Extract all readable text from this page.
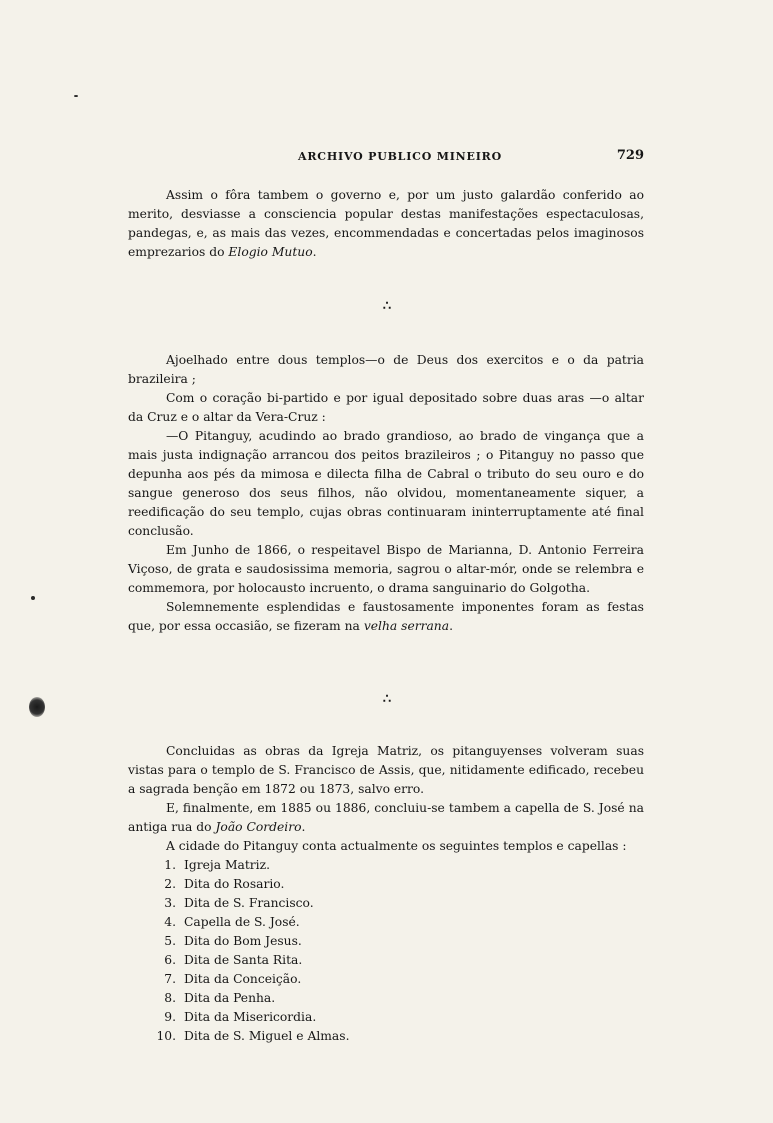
ARCHIVO PUBLICO MINEIRO	729

Assim o fôra tambem o governo e, por um justo galardão conferido ao merito, desviasse a consciencia popular destas manifestações espectaculosas, pandegas, e, as mais das vezes, encommendadas e concertadas pelos imaginosos emprezarios do Elogio Mutuo.

∴

Ajoelhado entre dous templos—o de Deus dos exercitos e o da patria brazileira ;

Com o coração bi-partido e por igual depositado sobre duas aras —o altar da Cruz e o altar da Vera-Cruz :

—O Pitanguy, acudindo ao brado grandioso, ao brado de vingança que a mais justa indignação arrancou dos peitos brazileiros ; o Pitanguy no passo que depunha aos pés da mimosa e dilecta filha de Cabral o tributo do seu ouro e do sangue generoso dos seus filhos, não olvidou, momentaneamente siquer, a reedificação do seu templo, cujas obras continuaram ininterruptamente até final conclusão.

Em Junho de 1866, o respeitavel Bispo de Marianna, D. Antonio Ferreira Viçoso, de grata e saudosissima memoria, sagrou o altar-mór, onde se relembra e commemora, por holocausto incruento, o drama sanguinario do Golgotha.

Solemnemente esplendidas e faustosamente imponentes foram as festas que, por essa occasião, se fizeram na velha serrana.

∴

Concluidas as obras da Igreja Matriz, os pitanguyenses volveram suas vistas para o templo de S. Francisco de Assis, que, nitidamente edificado, recebeu a sagrada benção em 1872 ou 1873, salvo erro.

E, finalmente, em 1885 ou 1886, concluiu-se tambem a capella de S. José na antiga rua do João Cordeiro.

A cidade do Pitanguy conta actualmente os seguintes templos e capellas :

1. Igreja Matriz.
2. Dita do Rosario.
3. Dita de S. Francisco.
4. Capella de S. José.
5. Dita do Bom Jesus.
6. Dita de Santa Rita.
7. Dita da Conceição.
8. Dita da Penha.
9. Dita da Misericordia.
10. Dita de S. Miguel e Almas.
